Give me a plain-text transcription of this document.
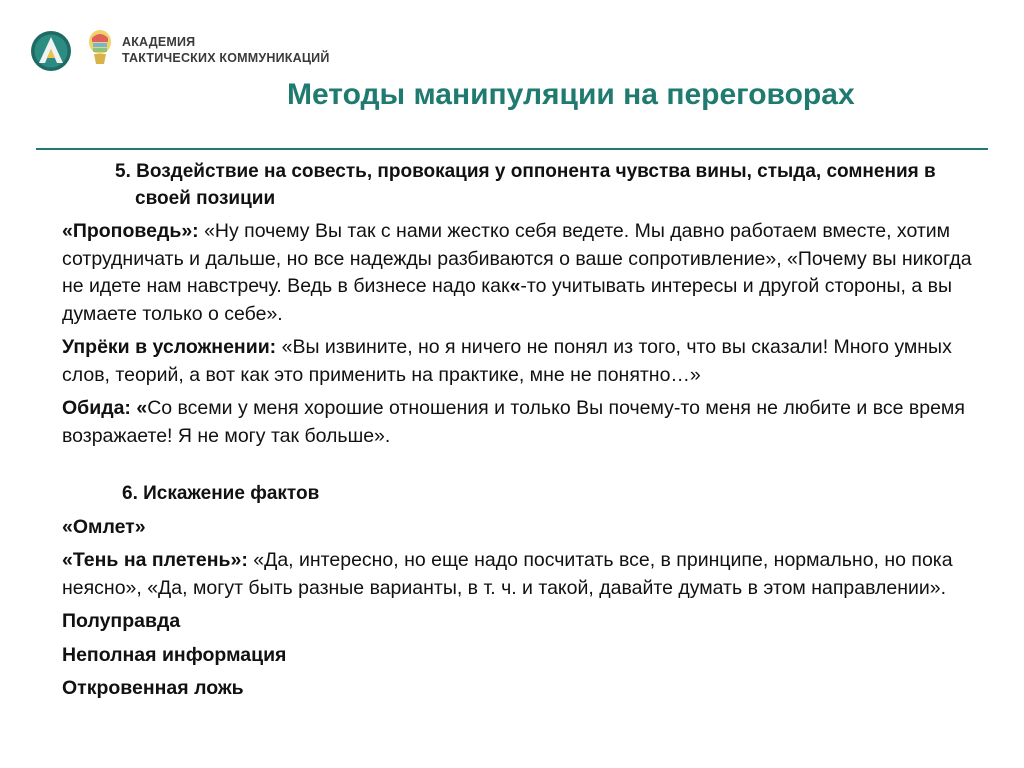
АКАДЕМИЯ
ТАКТИЧЕСКИХ КОММУНИКАЦИЙ
Методы манипуляции на переговорах

5. Воздействие на совесть, провокация у оппонента чувства вины, стыда, сомнения в своей позиции

«Проповедь»: «Ну почему Вы так с нами жестко себя ведете. Мы давно работаем вместе, хотим сотрудничать и дальше, но все надежды разбиваются о ваше сопротивление», «Почему вы никогда не идете нам навстречу. Ведь в бизнесе надо как«-то учитывать интересы и другой стороны, а вы думаете только о себе».

Упрёки в усложнении: «Вы извините, но я ничего не понял из того, что вы сказали! Много умных слов, теорий, а вот как это применить на практике, мне не понятно…»

Обида: «Со всеми у меня хорошие отношения и только Вы почему-то меня не любите и все время возражаете! Я не могу так больше».

6. Искажение фактов

«Омлет»

«Тень на плетень»: «Да, интересно, но еще надо посчитать все, в принципе, нормально, но пока неясно», «Да, могут быть разные варианты, в т. ч. и такой, давайте думать в этом направлении».

Полуправда

Неполная информация

Откровенная ложь
